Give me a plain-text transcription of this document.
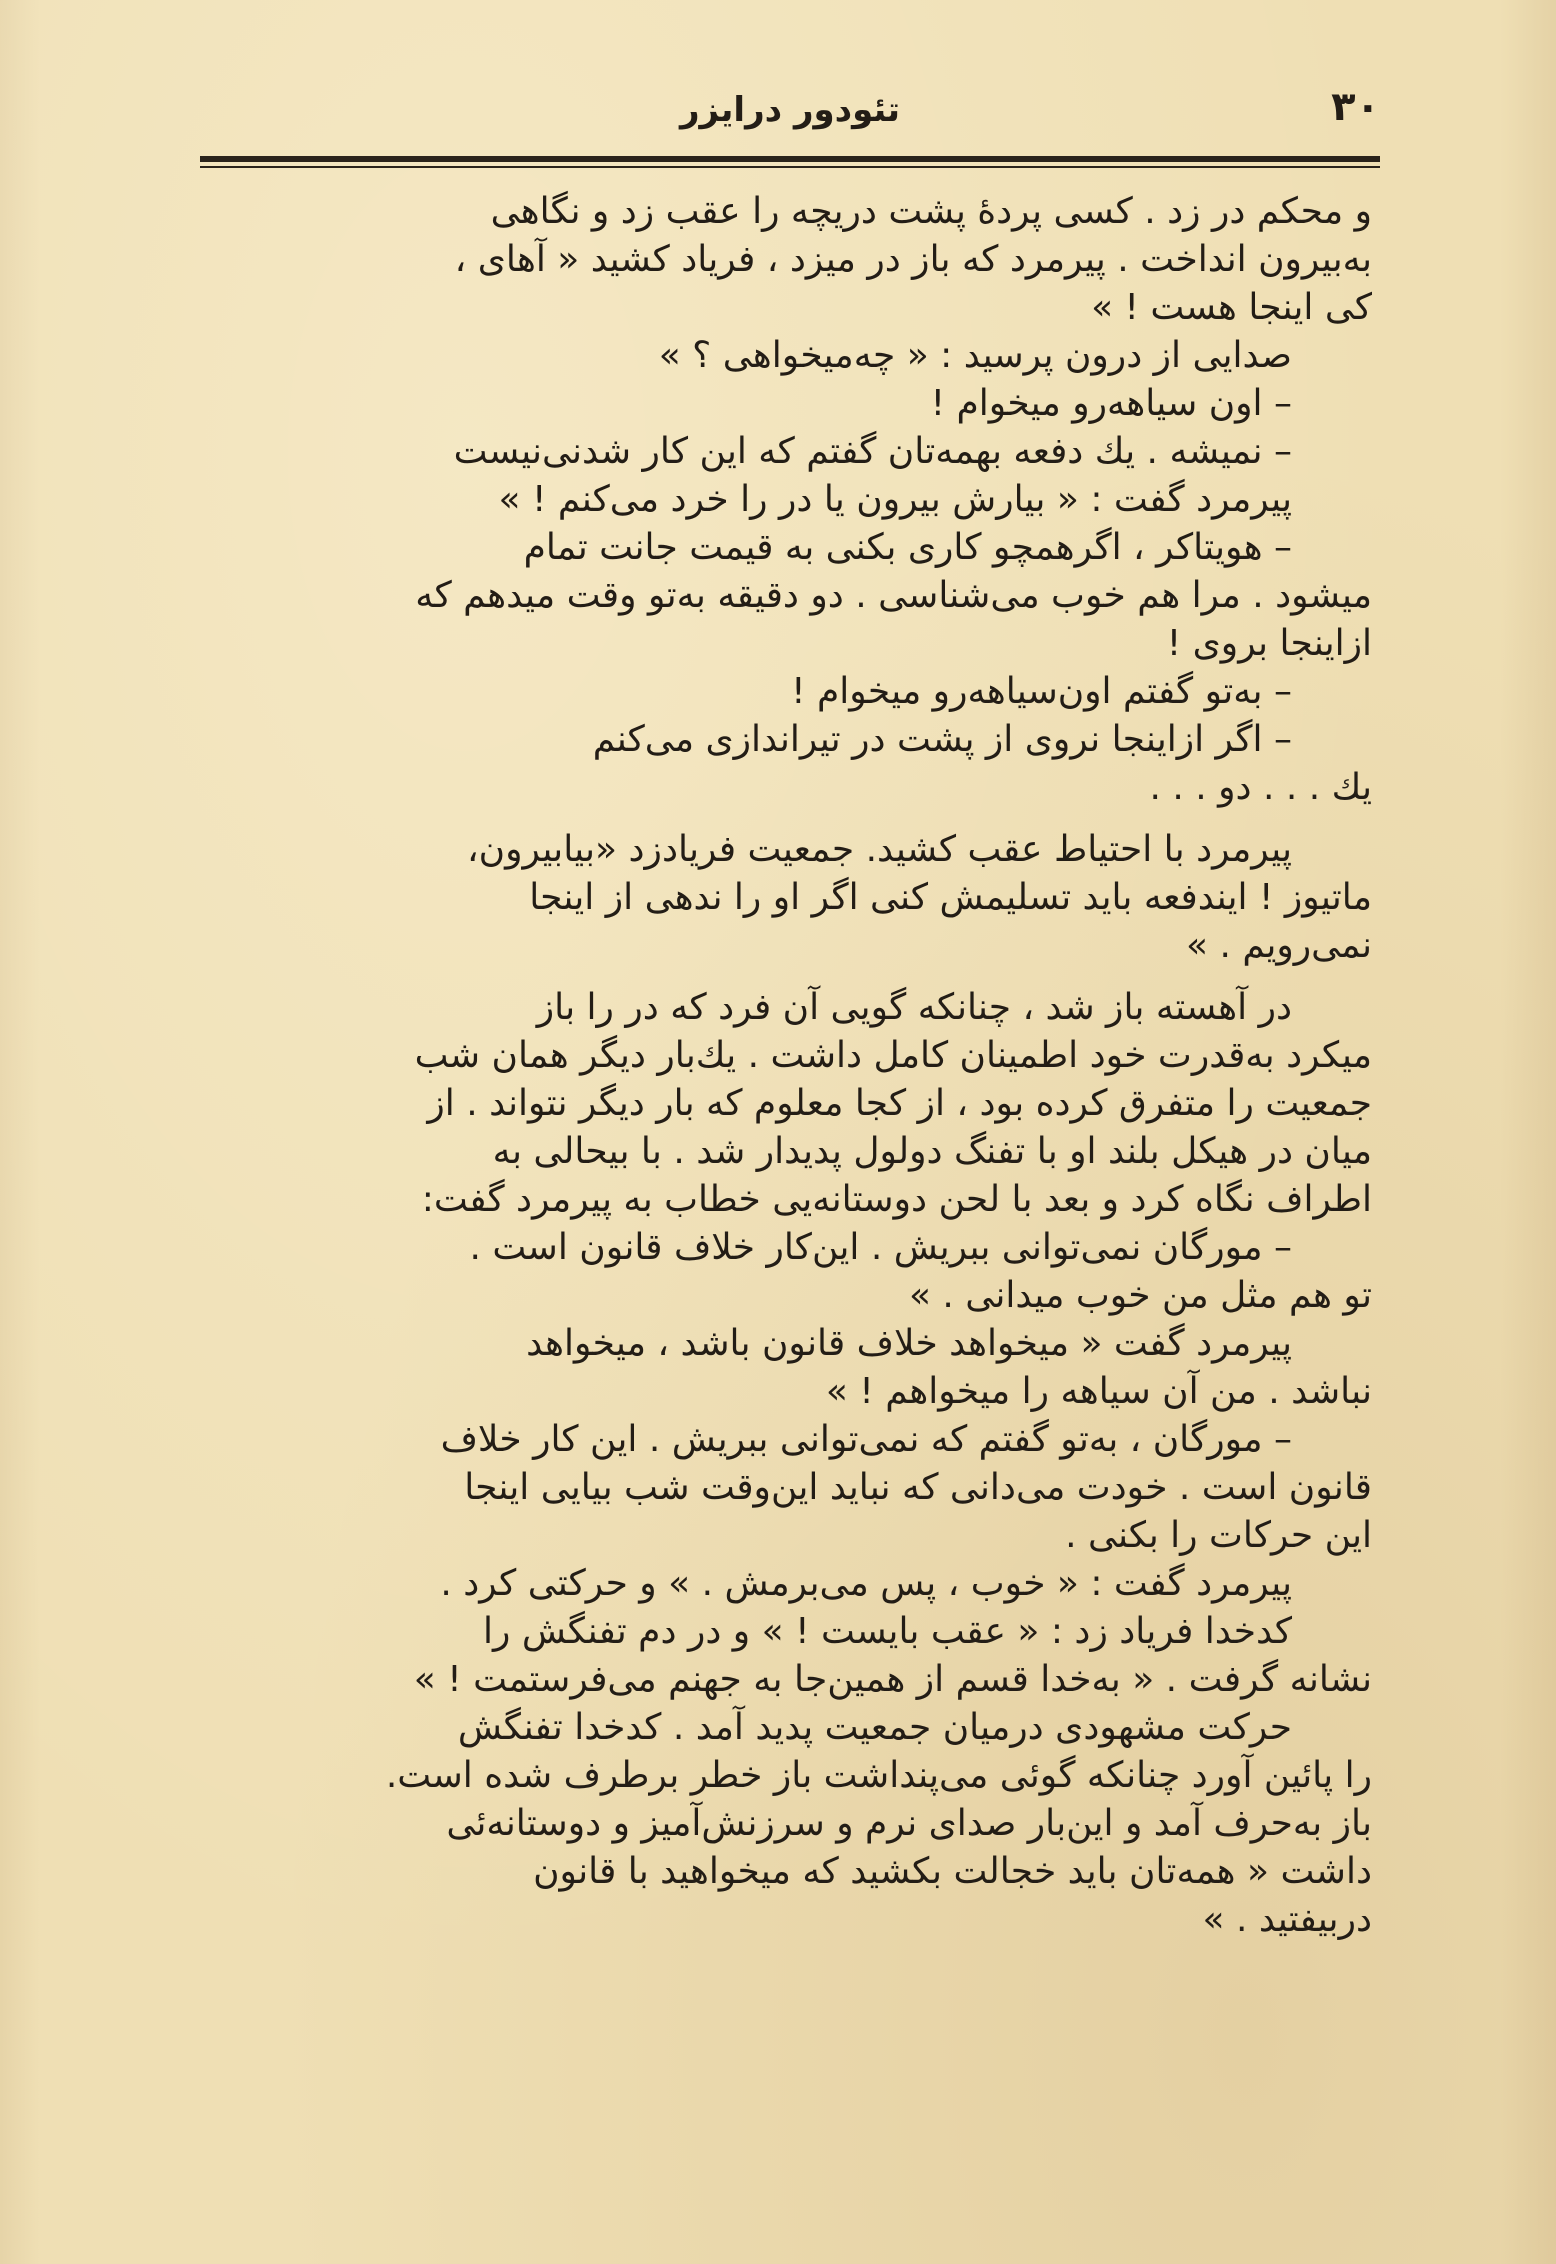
۳۰
تئودور درایزر
و محکم در زد . کسی پردهٔ پشت دریچه را عقب زد و نگاهی
به‌بیرون انداخت . پیرمرد که باز در میزد ، فریاد کشید « آهای ،
کی اینجا هست ! »
صدایی از درون پرسید : « چه‌میخواهی ؟ »
– اون سیاهه‌رو میخوام !
– نمیشه . یك دفعه بهمه‌تان گفتم که این کار شدنی‌نیست
پیرمرد گفت : « بیارش بیرون یا در را خرد می‌کنم ! »
– هویتاکر ، اگرهمچو کاری بکنی به قیمت جانت تمام
میشود . مرا هم خوب می‌شناسی . دو دقیقه به‌تو وقت میدهم که
ازاینجا بروی !
– به‌تو گفتم اون‌سیاهه‌رو میخوام !
– اگر ازاینجا نروی از پشت در تیراندازی می‌کنم
یك . . . دو . . .
پیرمرد با احتیاط عقب کشید. جمعیت فریادزد «بیابیرون،
ماتیوز ! ایندفعه باید تسلیمش کنی اگر او را ندهی از اینجا
نمی‌رویم . »
در آهسته باز شد ، چنانکه گویی آن فرد که در را باز
میکرد به‌قدرت خود اطمینان کامل داشت . یك‌بار دیگر همان شب
جمعیت را متفرق کرده بود ، از کجا معلوم که بار دیگر نتواند . از
میان در هیکل بلند او با تفنگ دولول پدیدار شد . با بیحالی به
اطراف نگاه کرد و بعد با لحن دوستانه‌یی خطاب به پیرمرد گفت:
– مورگان نمی‌توانی ببریش . این‌کار خلاف قانون است .
تو هم مثل من خوب میدانی . »
پیرمرد گفت « میخواهد خلاف قانون باشد ، میخواهد
نباشد . من آن سیاهه را میخواهم ! »
– مورگان ، به‌تو گفتم که نمی‌توانی ببریش . این کار خلاف
قانون است . خودت می‌دانی که نباید این‌وقت شب بیایی اینجا
این حرکات را بکنی .
پیرمرد گفت : « خوب ، پس می‌برمش . » و حرکتی کرد .
کدخدا فریاد زد : « عقب بایست ! » و در دم تفنگش را
نشانه گرفت . « به‌خدا قسم از همین‌جا به جهنم می‌فرستمت ! »
حرکت مشهودی درمیان جمعیت پدید آمد . کدخدا تفنگش
را پائین آورد چنانکه گوئی می‌پنداشت باز خطر برطرف شده است.
باز به‌حرف آمد و این‌بار صدای نرم و سرزنش‌آمیز و دوستانه‌ئی
داشت « همه‌تان باید خجالت بکشید که میخواهید با قانون
دربیفتید . »
